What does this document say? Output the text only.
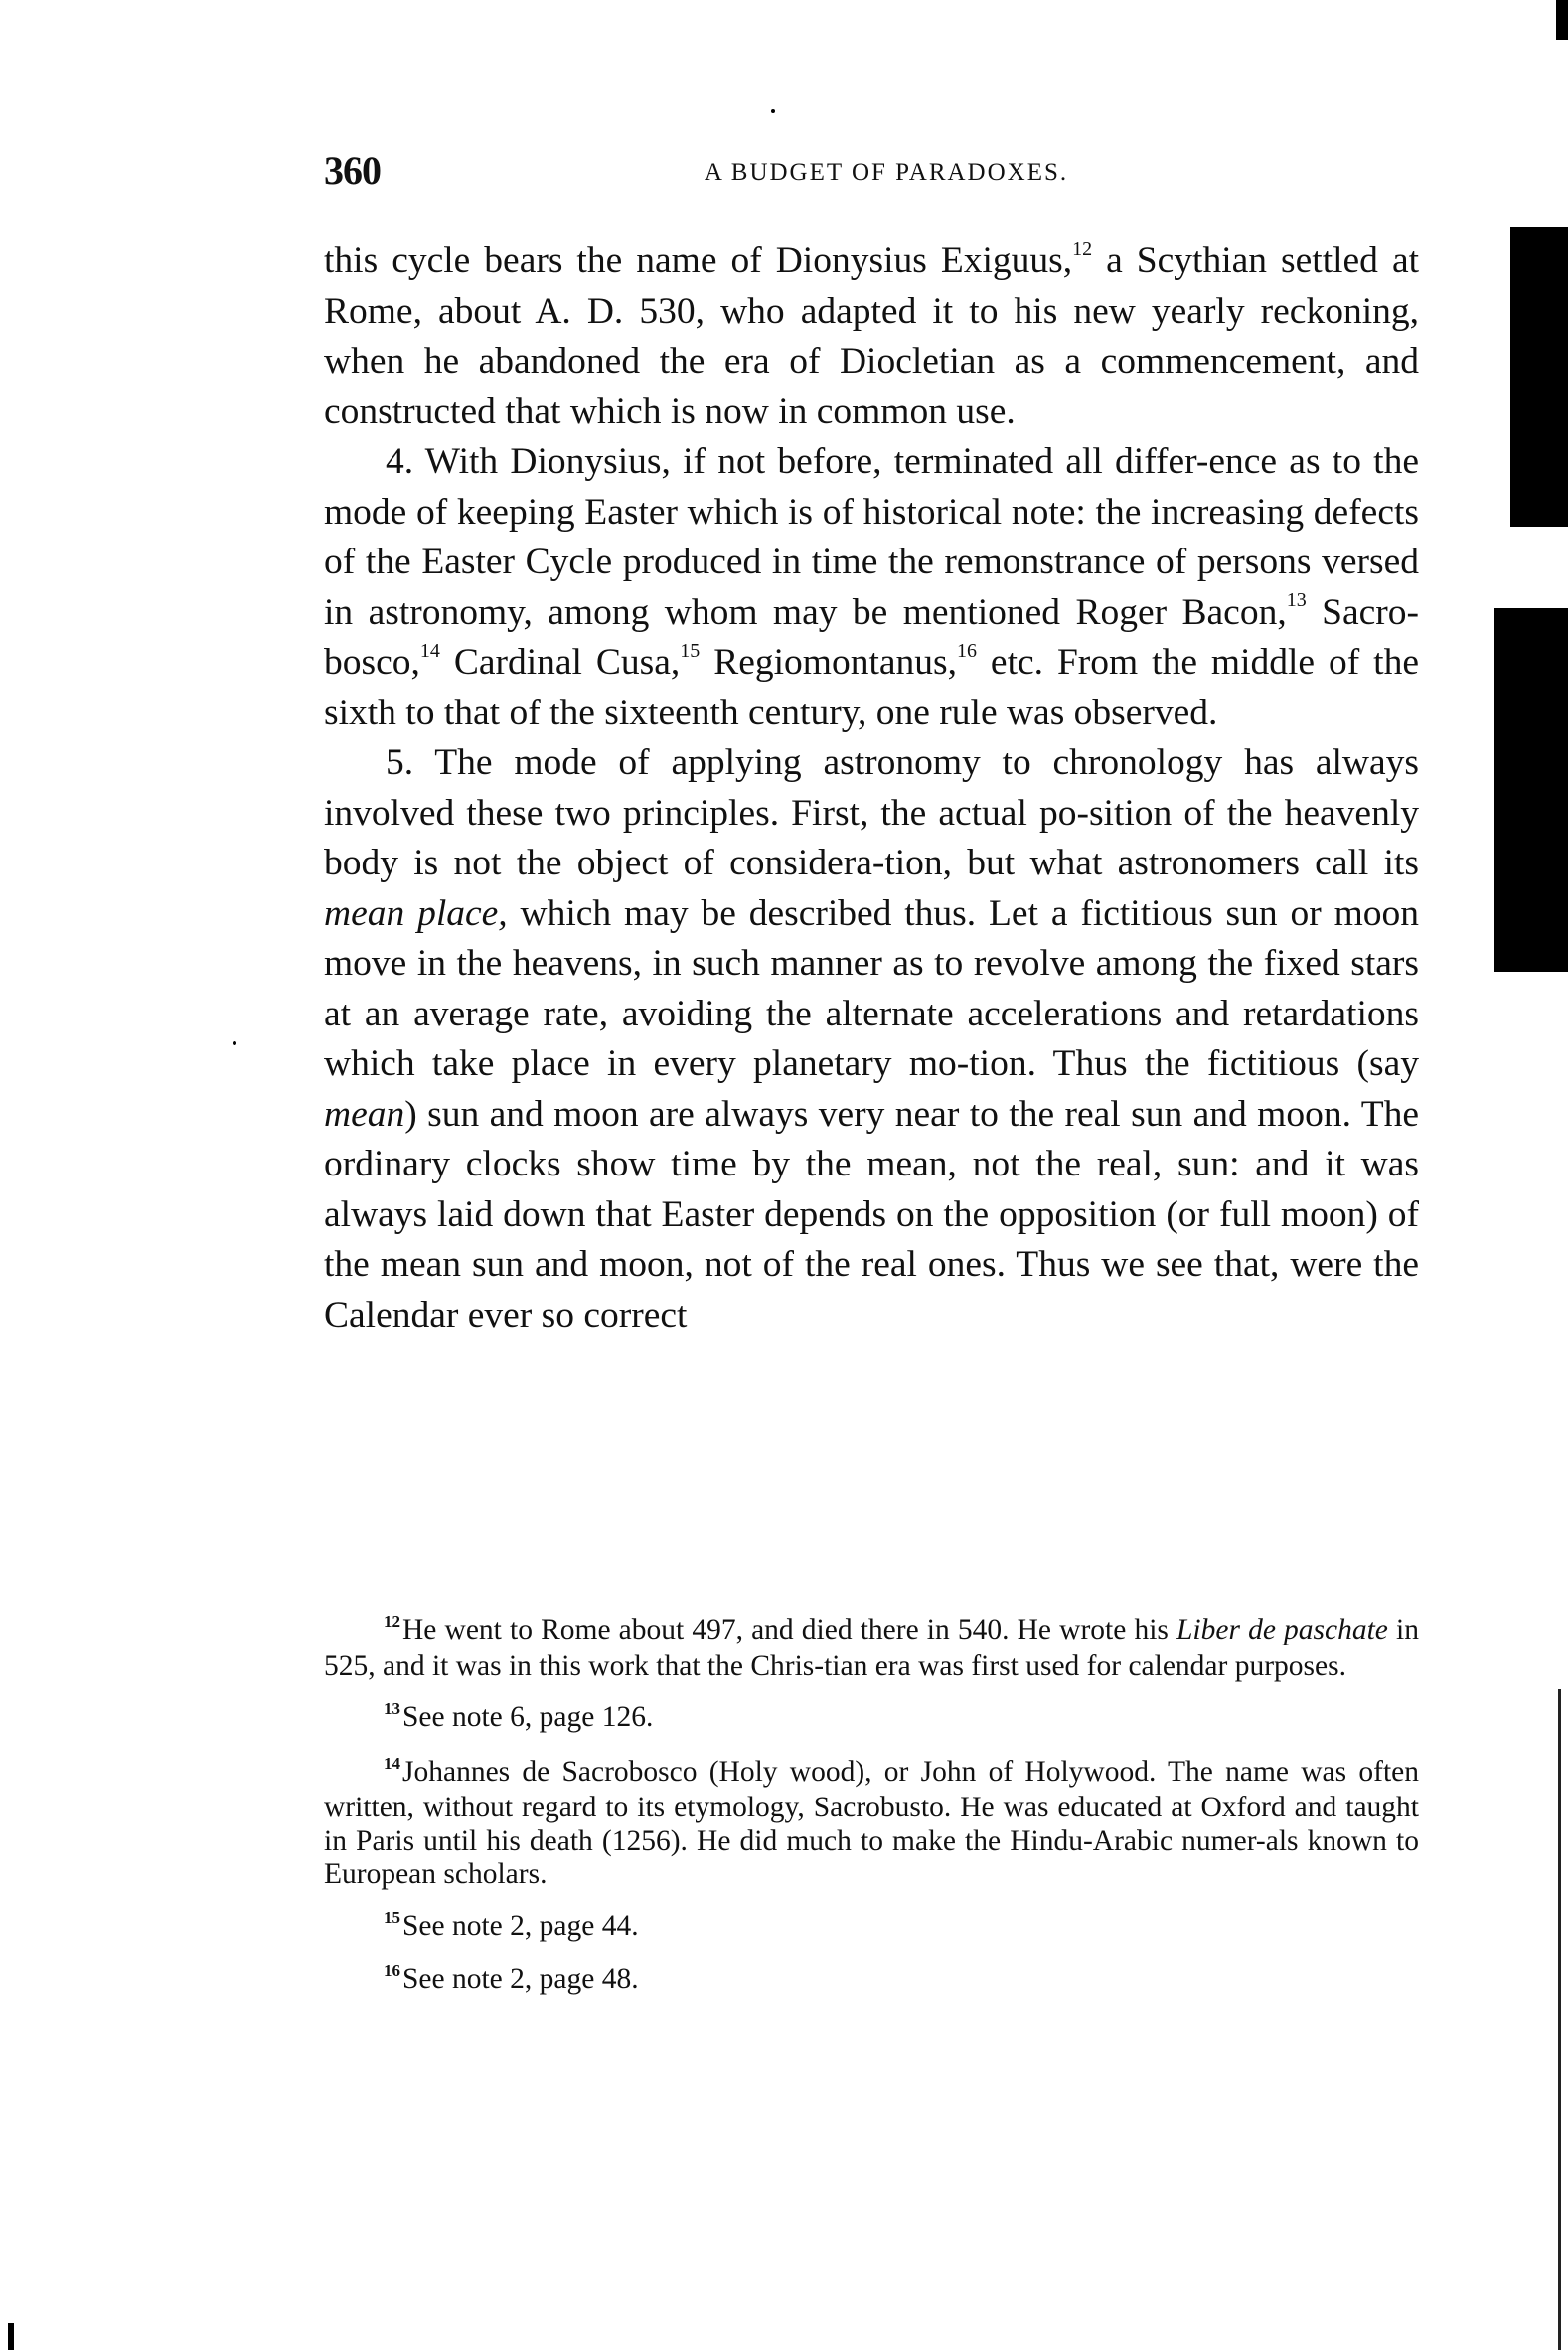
360	A BUDGET OF PARADOXES.

this cycle bears the name of Dionysius Exiguus,$^{12}$ a Scythian settled at Rome, about A. D. 530, who adapted it to his new yearly reckoning, when he abandoned the era of Diocletian as a commencement, and constructed that which is now in common use.

4. With Dionysius, if not before, terminated all differ-ence as to the mode of keeping Easter which is of historical note: the increasing defects of the Easter Cycle produced in time the remonstrance of persons versed in astronomy, among whom may be mentioned Roger Bacon,$^{13}$ Sacro-bosco,$^{14}$ Cardinal Cusa,$^{15}$ Regiomontanus,$^{16}$ etc. From the middle of the sixth to that of the sixteenth century, one rule was observed.

5. The mode of applying astronomy to chronology has always involved these two principles. First, the actual po-sition of the heavenly body is not the object of considera-tion, but what astronomers call its mean place, which may be described thus. Let a fictitious sun or moon move in the heavens, in such manner as to revolve among the fixed stars at an average rate, avoiding the alternate accelerations and retardations which take place in every planetary mo-tion. Thus the fictitious (say mean) sun and moon are always very near to the real sun and moon. The ordinary clocks show time by the mean, not the real, sun: and it was always laid down that Easter depends on the opposition (or full moon) of the mean sun and moon, not of the real ones. Thus we see that, were the Calendar ever so correct

$^{12}$He went to Rome about 497, and died there in 540. He wrote his Liber de paschate in 525, and it was in this work that the Chris-tian era was first used for calendar purposes.

$^{13}$See note 6, page 126.

$^{14}$Johannes de Sacrobosco (Holy wood), or John of Holywood. The name was often written, without regard to its etymology, Sacrobusto. He was educated at Oxford and taught in Paris until his death (1256). He did much to make the Hindu-Arabic numer-als known to European scholars.

$^{15}$See note 2, page 44.

$^{16}$See note 2, page 48.
